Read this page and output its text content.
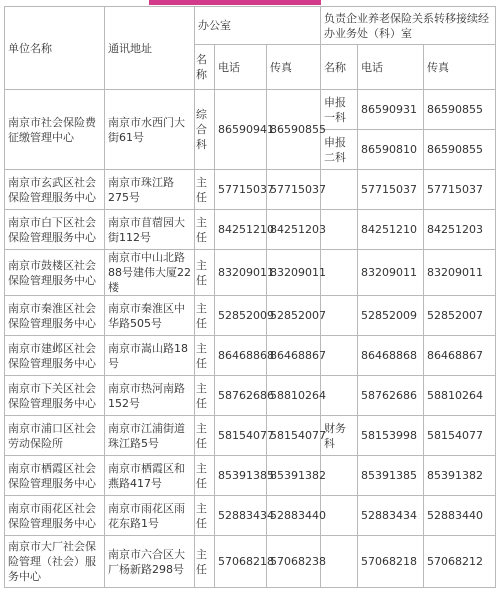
单位名称	通讯地址	办公室			负责企业养老保险关系转移接续经办业务处（科）室		
		名称	电话	传真	名称	电话	传真
南京市社会保险费征缴管理中心	南京市水西门大街61号	综合科	86590941	86590855	申报一科	86590931	86590855
					申报二科	86590810	86590855
南京市玄武区社会保险管理服务中心	南京市珠江路275号	主任	57715037	57715037		57715037	57715037
南京市白下区社会保险管理服务中心	南京市苜蓿园大街112号	主任	84251210	84251203		84251210	84251203
南京市鼓楼区社会保险管理服务中心	南京市中山北路88号建伟大厦22楼	主任	83209011	83209011		83209011	83209011
南京市秦淮区社会保险管理服务中心	南京市秦淮区中华路505号	主任	52852009	52852007		52852009	52852007
南京市建邺区社会保险管理服务中心	南京市嵩山路18号	主任	86468868	86468867		86468868	86468867
南京市下关区社会保险管理服务中心	南京市热河南路152号	主任	58762686	58810264		58762686	58810264
南京市浦口区社会劳动保险所	南京市江浦街道珠江路5号	主任	58154077	58154077	财务科	58153998	58154077
南京市栖霞区社会保险管理服务中心	南京市栖霞区和燕路417号	主任	85391385	85391382		85391385	85391382
南京市雨花区社会保险管理服务中心	南京市雨花区雨花东路1号	主任	52883434	52883440		52883434	52883440
南京市大厂社会保险管理（社会）服务中心	南京市六合区大厂杨新路298号	主任	57068218	57068238		57068218	57068212
